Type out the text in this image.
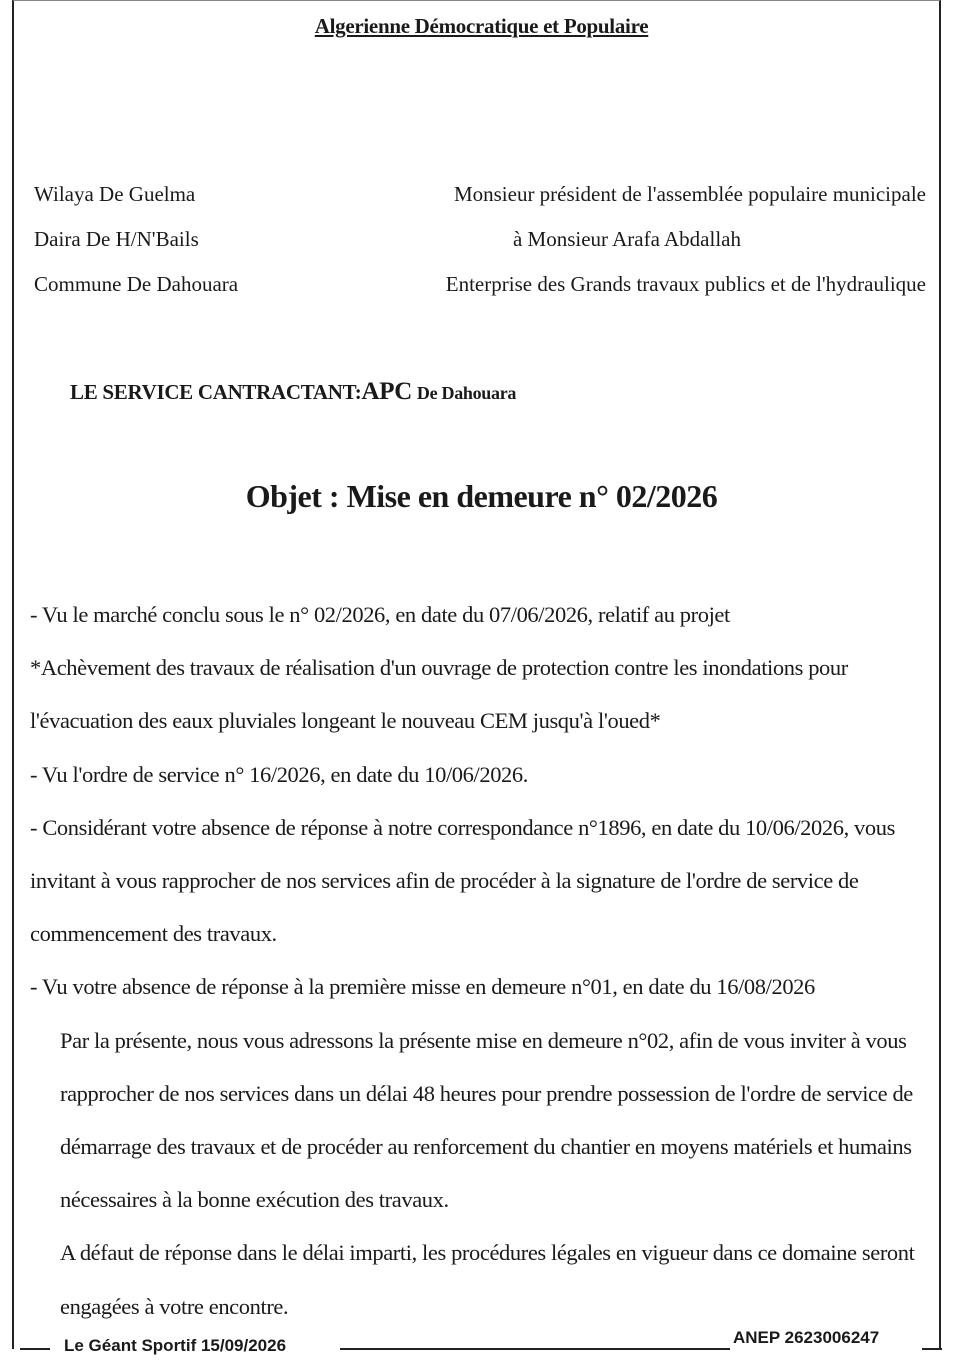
Algerienne Démocratique et Populaire
Wilaya De Guelma
Daira De H/N'Bails
Commune De Dahouara
Monsieur président de l'assemblée populaire municipale
à Monsieur Arafa Abdallah
Enterprise des Grands travaux publics et de l'hydraulique
LE SERVICE CANTRACTANT:APC De Dahouara
Objet : Mise en demeure n° 02/2026

- Vu le marché conclu sous le n° 02/2026, en date du 07/06/2026, relatif au projet

*Achèvement des travaux de réalisation d'un ouvrage de protection contre les inondations pour l'évacuation des eaux pluviales longeant le nouveau CEM jusqu'à l'oued*

- Vu l'ordre de service n° 16/2026, en date du 10/06/2026.

- Considérant votre absence de réponse à notre correspondance n°1896, en date du 10/06/2026, vous invitant à vous rapprocher de nos services afin de procéder à la signature de l'ordre de service de commencement des travaux.

- Vu votre absence de réponse à la première misse en demeure n°01, en date du 16/08/2026

Par la présente, nous vous adressons la présente mise en demeure n°02, afin de vous inviter à vous rapprocher de nos services dans un délai 48 heures pour prendre possession de l'ordre de service de démarrage des travaux et de procéder au renforcement du chantier en moyens matériels et humains nécessaires à la bonne exécution des travaux.

A défaut de réponse dans le délai imparti, les procédures légales en vigueur dans ce domaine seront engagées à votre encontre.

Le Géant Sportif 15/09/2026	ANEP 2623006247
